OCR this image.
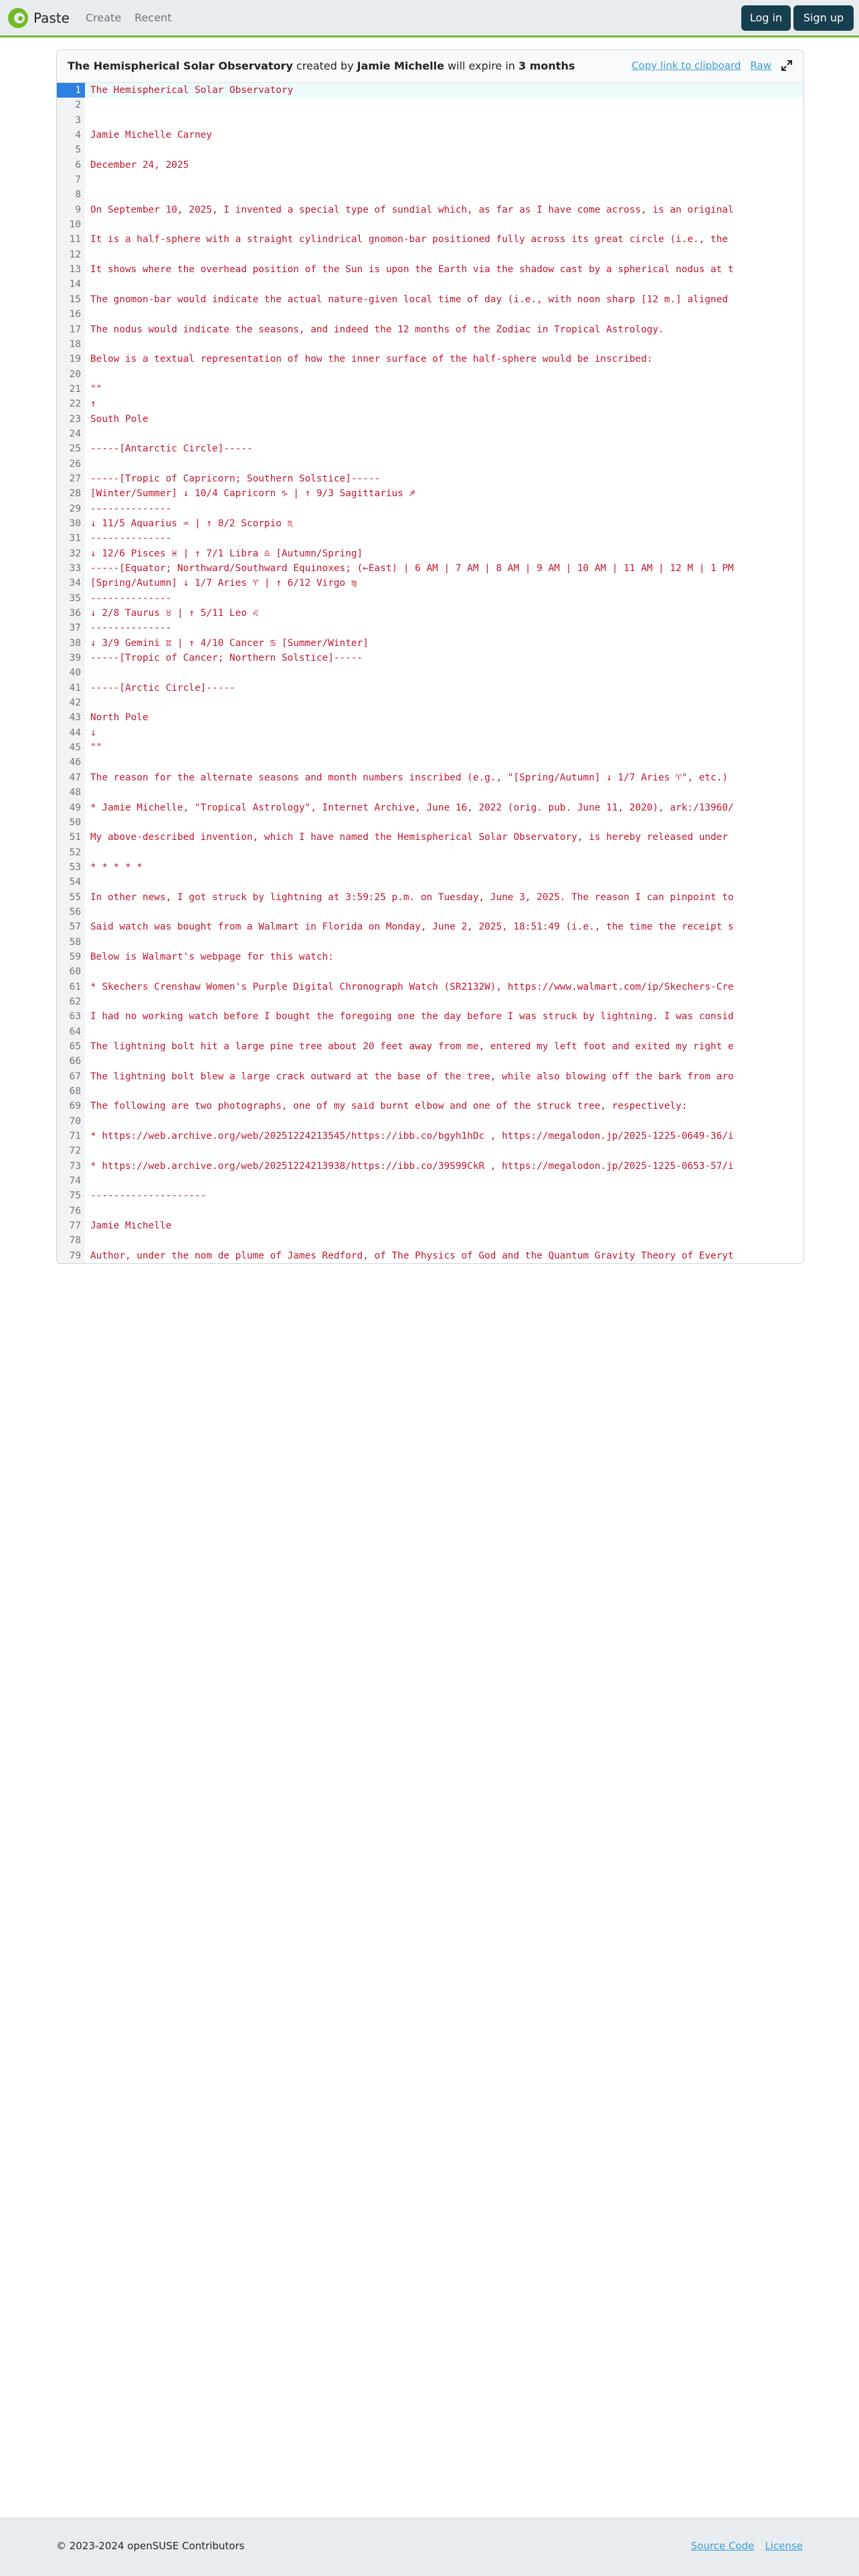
Paste Create Recent	Log in	Sign up
The Hemispherical Solar Observatory created by Jamie Michelle will expire in 3 months	Copy link to clipboard Raw
1 The Hemispherical Solar Observatory
2
3
4 Jamie Michelle Carney
5
6 December 24, 2025
7
8
9 On September 10, 2025, I invented a special type of sundial which, as far as I have come across, is an original
10
11 It is a half-sphere with a straight cylindrical gnomon-bar positioned fully across its great circle (i.e., the
12
13 It shows where the overhead position of the Sun is upon the Earth via the shadow cast by a spherical nodus at t
14
15 The gnomon-bar would indicate the actual nature-given local time of day (i.e., with noon sharp [12 m.] aligned
16
17 The nodus would indicate the seasons, and indeed the 12 months of the Zodiac in Tropical Astrology.
18
19 Below is a textual representation of how the inner surface of the half-sphere would be inscribed:
20
21 ""
22 ↑
23 South Pole
24
25 -----[Antarctic Circle]-----
26
27 -----[Tropic of Capricorn; Southern Solstice]-----
28 [Winter/Summer] ↓ 10/4 Capricorn ♑ | ↑ 9/3 Sagittarius ♐
29 --------------
30 ↓ 11/5 Aquarius ♒ | ↑ 8/2 Scorpio ♏
31 --------------
32 ↓ 12/6 Pisces ♓ | ↑ 7/1 Libra ♎ [Autumn/Spring]
33 -----[Equator; Northward/Southward Equinoxes; (←East) | 6 AM | 7 AM | 8 AM | 9 AM | 10 AM | 11 AM | 12 M | 1 PM
34 [Spring/Autumn] ↓ 1/7 Aries ♈ | ↑ 6/12 Virgo ♍
35 --------------
36 ↓ 2/8 Taurus ♉ | ↑ 5/11 Leo ♌
37 --------------
38 ↓ 3/9 Gemini ♊ | ↑ 4/10 Cancer ♋ [Summer/Winter]
39 -----[Tropic of Cancer; Northern Solstice]-----
40
41 -----[Arctic Circle]-----
42
43 North Pole
44 ↓
45 ""
46
47 The reason for the alternate seasons and month numbers inscribed (e.g., "[Spring/Autumn] ↓ 1/7 Aries ♈", etc.)
48
49 * Jamie Michelle, "Tropical Astrology", Internet Archive, June 16, 2022 (orig. pub. June 11, 2020), ark:/13960/
50
51 My above-described invention, which I have named the Hemispherical Solar Observatory, is hereby released under
52
53 * * * * *
54
55 In other news, I got struck by lightning at 3:59:25 p.m. on Tuesday, June 3, 2025. The reason I can pinpoint to
56
57 Said watch was bought from a Walmart in Florida on Monday, June 2, 2025, 18:51:49 (i.e., the time the receipt s
58
59 Below is Walmart's webpage for this watch:
60
61 * Skechers Crenshaw Women's Purple Digital Chronograph Watch (SR2132W), https://www.walmart.com/ip/Skechers-Cre
62
63 I had no working watch before I bought the foregoing one the day before I was struck by lightning. I was consid
64
65 The lightning bolt hit a large pine tree about 20 feet away from me, entered my left foot and exited my right e
66
67 The lightning bolt blew a large crack outward at the base of the tree, while also blowing off the bark from aro
68
69 The following are two photographs, one of my said burnt elbow and one of the struck tree, respectively:
70
71 * https://web.archive.org/web/20251224213545/https://ibb.co/bgyh1hDc , https://megalodon.jp/2025-1225-0649-36/i
72
73 * https://web.archive.org/web/20251224213938/https://ibb.co/39S99CkR , https://megalodon.jp/2025-1225-0653-57/i
74
75 --------------------
76
77 Jamie Michelle
78
79 Author, under the nom de plume of James Redford, of The Physics of God and the Quantum Gravity Theory of Everyt
© 2023-2024 openSUSE Contributors	Source Code License
